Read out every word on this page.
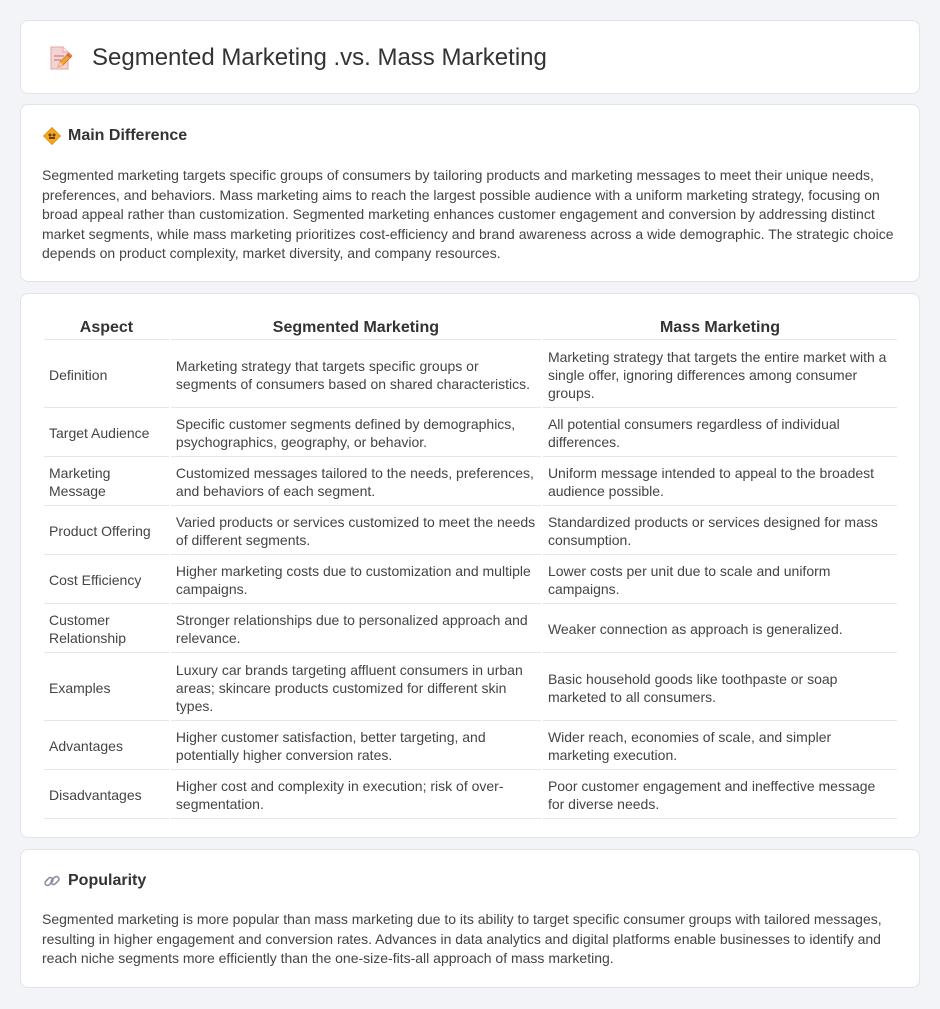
Segmented Marketing .vs. Mass Marketing
Main Difference

Segmented marketing targets specific groups of consumers by tailoring products and marketing messages to meet their unique needs, preferences, and behaviors. Mass marketing aims to reach the largest possible audience with a uniform marketing strategy, focusing on broad appeal rather than customization. Segmented marketing enhances customer engagement and conversion by addressing distinct market segments, while mass marketing prioritizes cost-efficiency and brand awareness across a wide demographic. The strategic choice depends on product complexity, market diversity, and company resources.

Aspect	Segmented Marketing	Mass Marketing
Definition	Marketing strategy that targets specific groups or segments of consumers based on shared characteristics.	Marketing strategy that targets the entire market with a single offer, ignoring differences among consumer groups.
Target Audience	Specific customer segments defined by demographics, psychographics, geography, or behavior.	All potential consumers regardless of individual differences.
Marketing Message	Customized messages tailored to the needs, preferences, and behaviors of each segment.	Uniform message intended to appeal to the broadest audience possible.
Product Offering	Varied products or services customized to meet the needs of different segments.	Standardized products or services designed for mass consumption.
Cost Efficiency	Higher marketing costs due to customization and multiple campaigns.	Lower costs per unit due to scale and uniform campaigns.
Customer Relationship	Stronger relationships due to personalized approach and relevance.	Weaker connection as approach is generalized.
Examples	Luxury car brands targeting affluent consumers in urban areas; skincare products customized for different skin types.	Basic household goods like toothpaste or soap marketed to all consumers.
Advantages	Higher customer satisfaction, better targeting, and potentially higher conversion rates.	Wider reach, economies of scale, and simpler marketing execution.
Disadvantages	Higher cost and complexity in execution; risk of over-segmentation.	Poor customer engagement and ineffective message for diverse needs.
Popularity

Segmented marketing is more popular than mass marketing due to its ability to target specific consumer groups with tailored messages, resulting in higher engagement and conversion rates. Advances in data analytics and digital platforms enable businesses to identify and reach niche segments more efficiently than the one-size-fits-all approach of mass marketing.
